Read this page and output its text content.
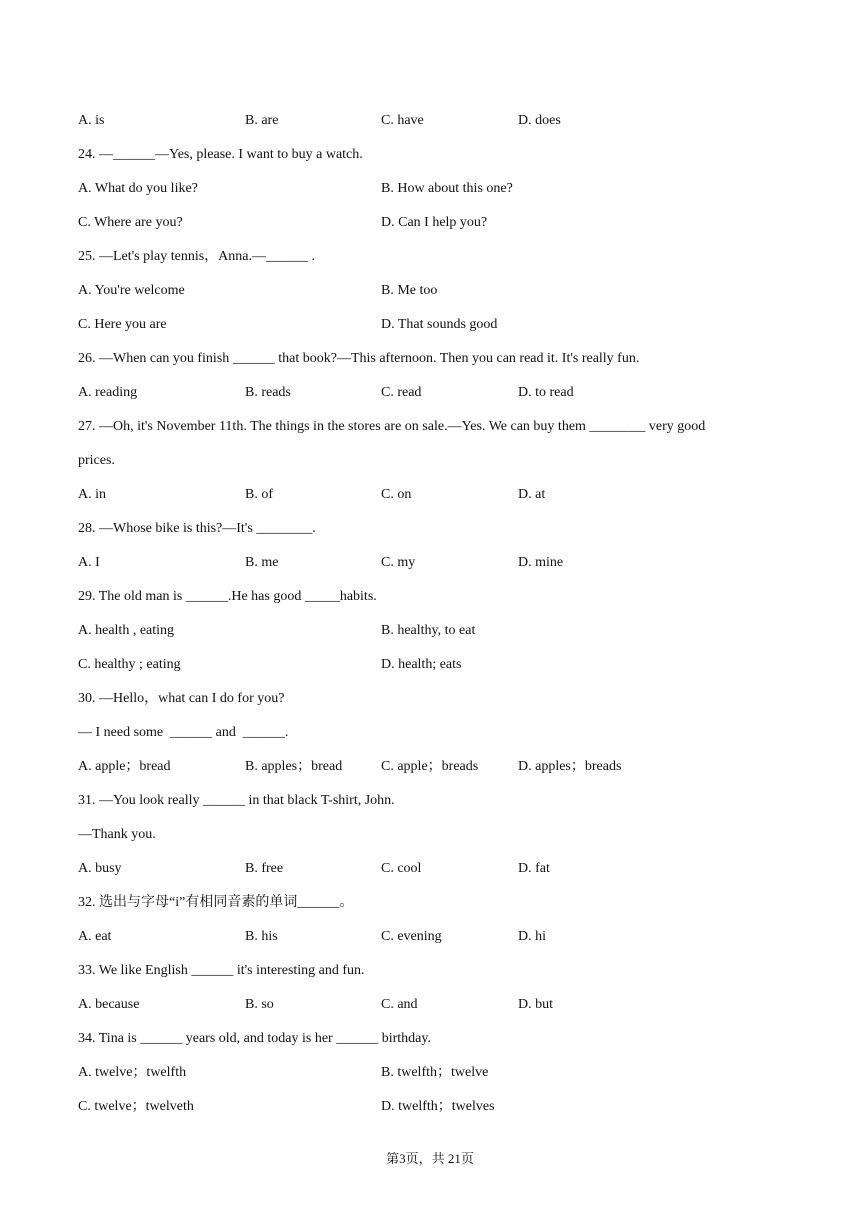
A. is	B. are	C. have	D. does
24. —______—Yes, please. I want to buy a watch.
A. What do you like?	B. How about this one?
C. Where are you?	D. Can I help you?
25. —Let's play tennis，Anna.—______ .
A. You're welcome	B. Me too
C. Here you are	D. That sounds good
26. —When can you finish ______ that book?—This afternoon. Then you can read it. It's really fun.
A. reading	B. reads	C. read	D. to read
27. —Oh, it's November 11th. The things in the stores are on sale.—Yes. We can buy them ________ very good
prices.
A. in	B. of	C. on	D. at
28. —Whose bike is this?—It's ________.
A. I	B. me	C. my	D. mine
29. The old man is ______.He has good _____habits.
A. health , eating	B. healthy, to eat
C. healthy ; eating	D. health; eats
30. —Hello，what can I do for you?
— I need some  ______ and  ______.
A. apple；bread	B. apples；bread	C. apple；breads	D. apples；breads
31. —You look really ______ in that black T-shirt, John.
—Thank you.
A. busy	B. free	C. cool	D. fat
32. 选出与字母“i”有相同音素的单词______。
A. eat	B. his	C. evening	D. hi
33. We like English ______ it's interesting and fun.
A. because	B. so	C. and	D. but
34. Tina is ______ years old, and today is her ______ birthday.
A. twelve；twelfth	B. twelfth；twelve
C. twelve；twelveth	D. twelfth；twelves
第3页，共 21页
